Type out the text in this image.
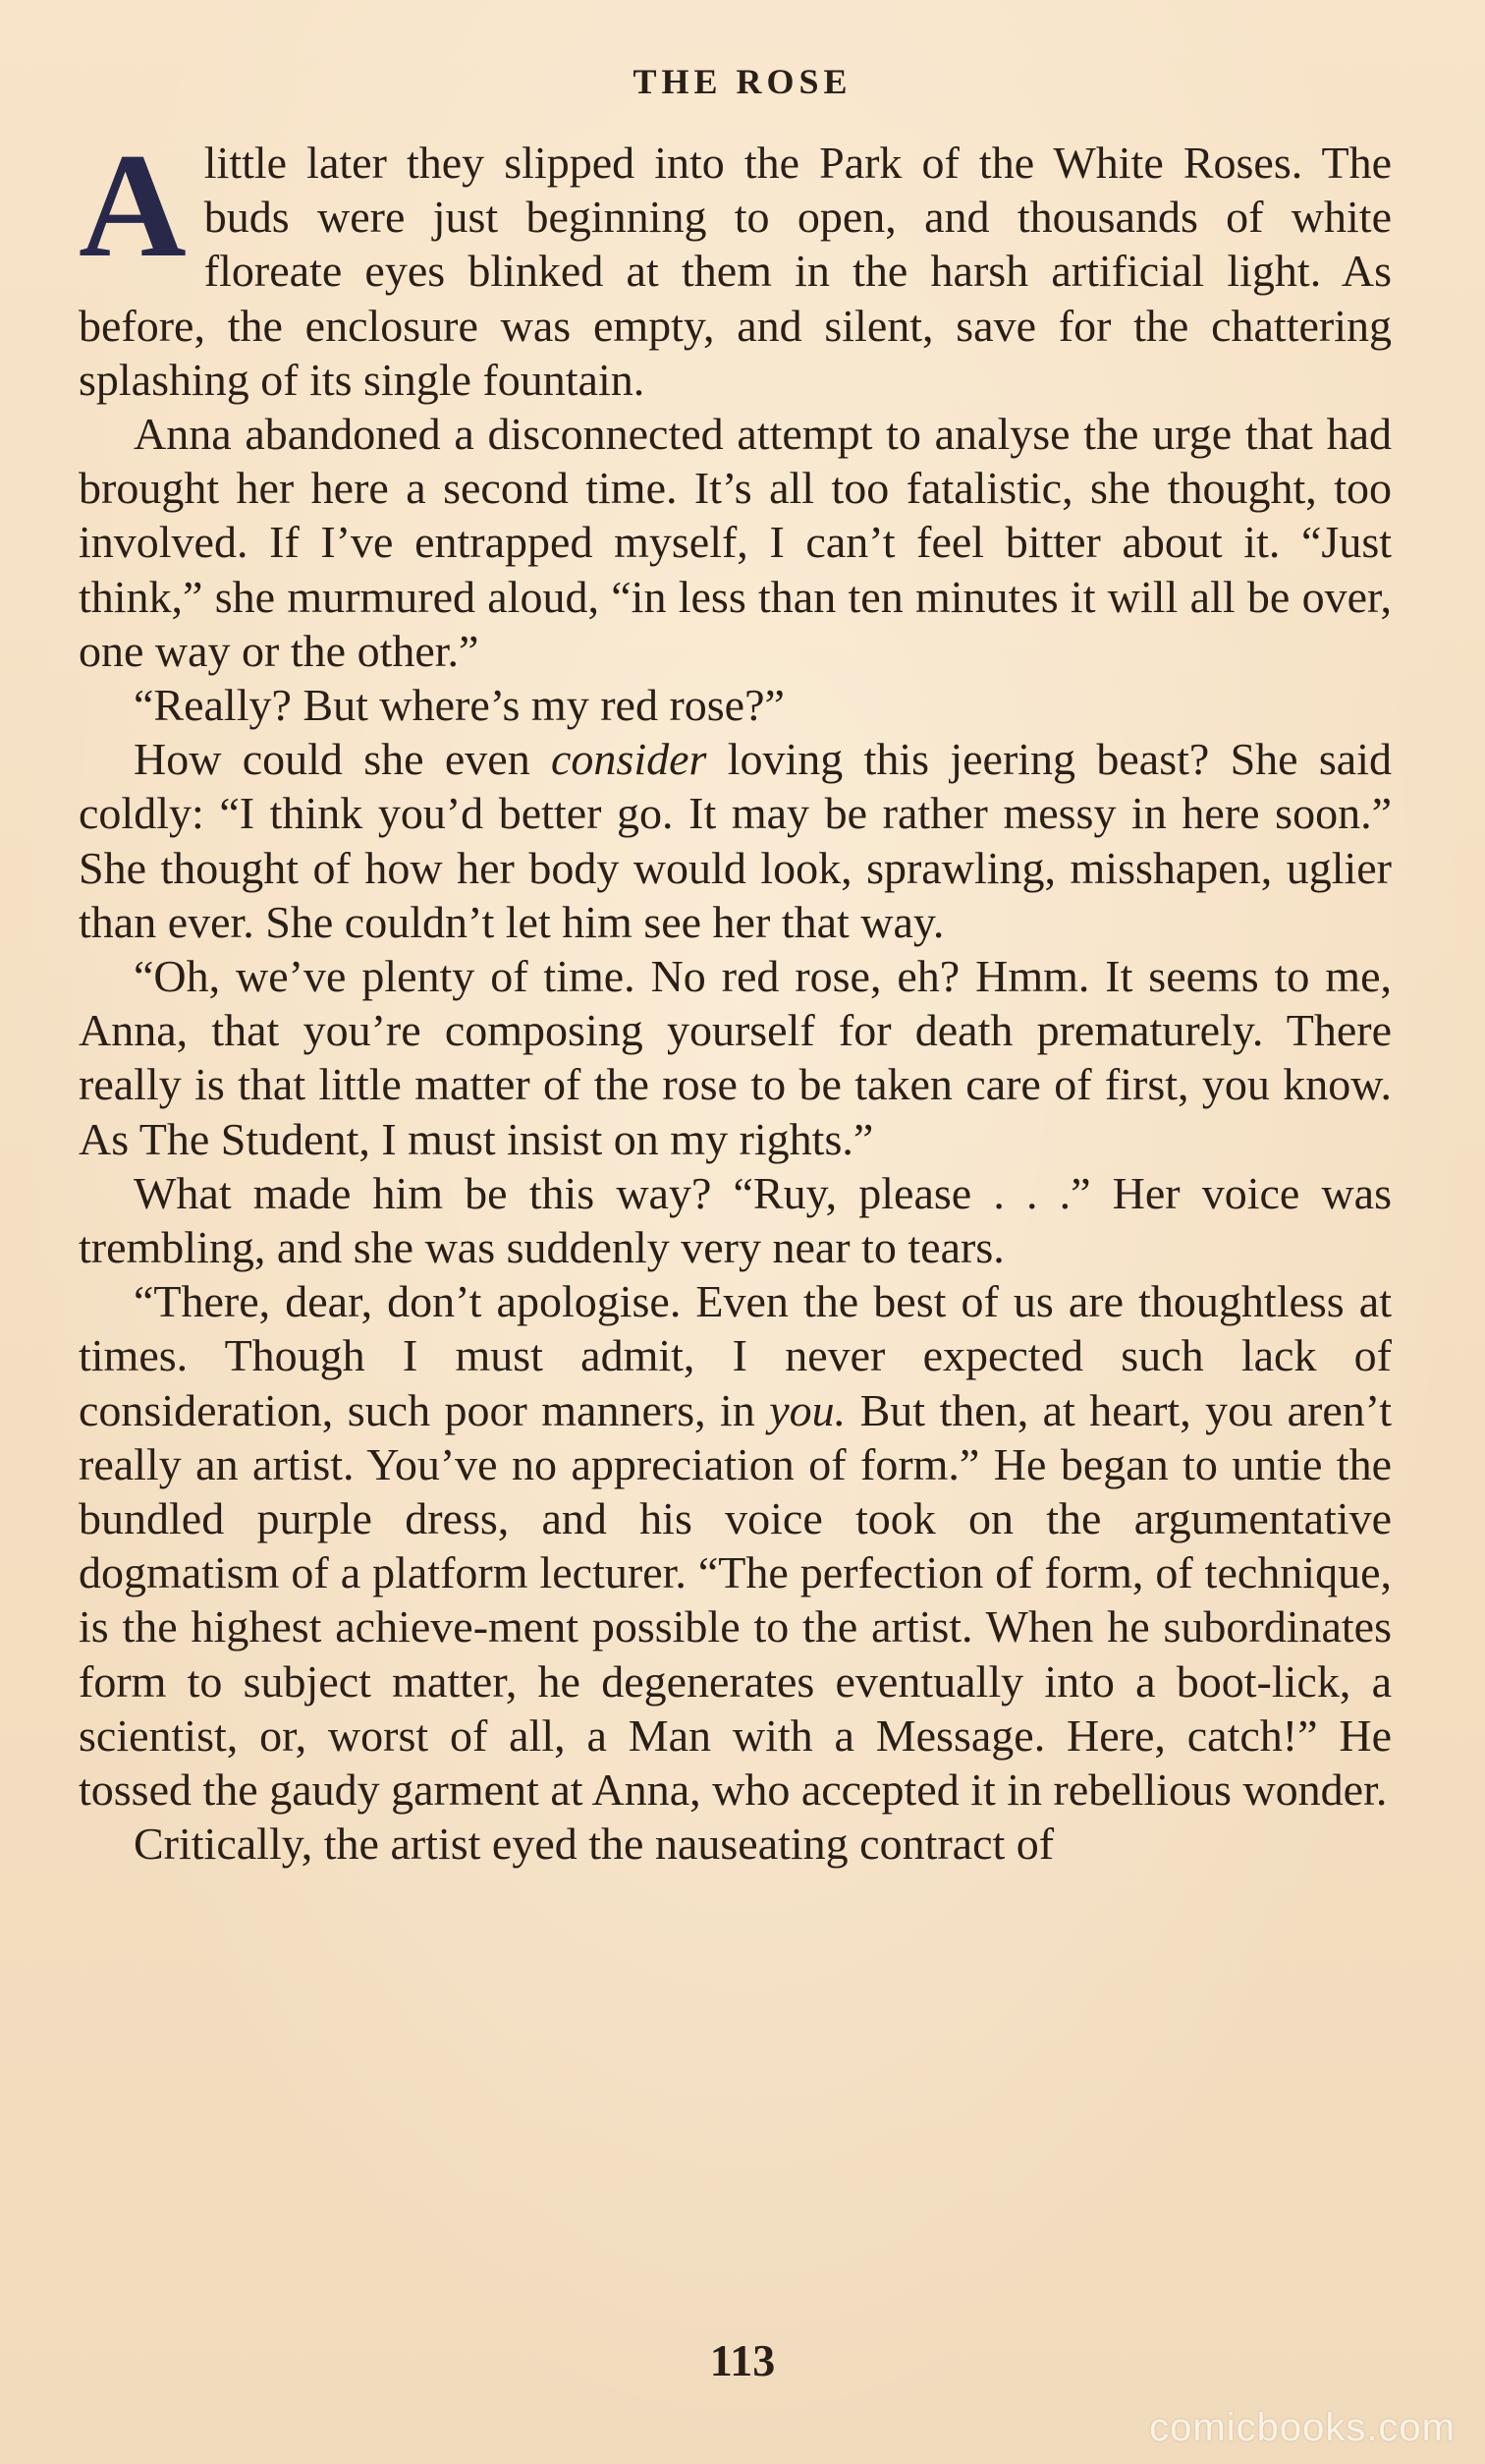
THE ROSE

Alittle later they slipped into the Park of the White Roses. The buds were just beginning to open, and thousands of white floreate eyes blinked at them in the harsh artificial light. As before, the enclosure was empty, and silent, save for the chattering splashing of its single fountain.

Anna abandoned a disconnected attempt to analyse the urge that had brought her here a second time. It’s all too fatalistic, she thought, too involved. If I’ve entrapped myself, I can’t feel bitter about it. “Just think,” she murmured aloud, “in less than ten minutes it will all be over, one way or the other.”

“Really? But where’s my red rose?”

How could she even consider loving this jeering beast? She said coldly: “I think you’d better go. It may be rather messy in here soon.” She thought of how her body would look, sprawling, misshapen, uglier than ever. She couldn’t let him see her that way.

“Oh, we’ve plenty of time. No red rose, eh? Hmm. It seems to me, Anna, that you’re composing yourself for death prematurely. There really is that little matter of the rose to be taken care of first, you know. As The Student, I must insist on my rights.”

What made him be this way? “Ruy, please . . .” Her voice was trembling, and she was suddenly very near to tears.

“There, dear, don’t apologise. Even the best of us are thoughtless at times. Though I must admit, I never expected such lack of consideration, such poor manners, in you. But then, at heart, you aren’t really an artist. You’ve no appreciation of form.” He began to untie the bundled purple dress, and his voice took on the argumentative dogmatism of a platform lecturer. “The perfection of form, of technique, is the highest achieve-ment possible to the artist. When he subordinates form to subject matter, he degenerates eventually into a boot-lick, a scientist, or, worst of all, a Man with a Message. Here, catch!” He tossed the gaudy garment at Anna, who accepted it in rebellious wonder.

Critically, the artist eyed the nauseating contract of

113
comicbooks.com
